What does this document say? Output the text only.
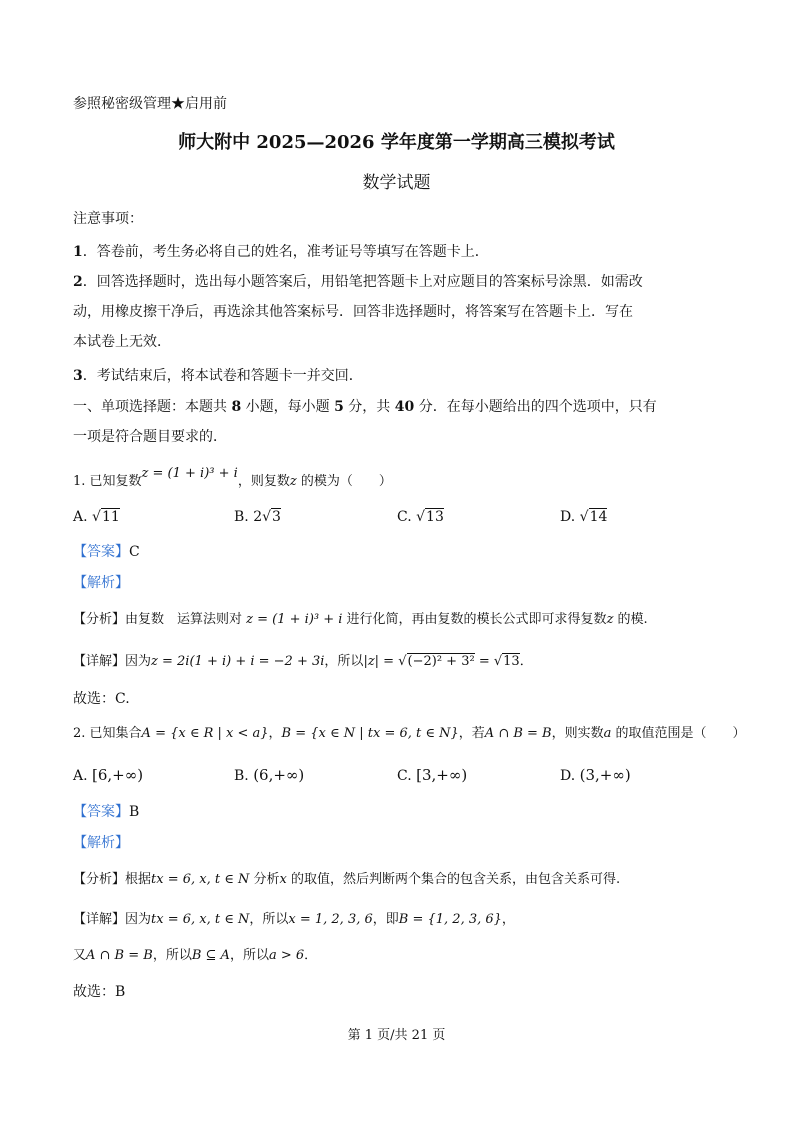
参照秘密级管理★启用前
师大附中 2025—2026 学年度第一学期高三模拟考试
数学试题
注意事项：
1．答卷前，考生务必将自己的姓名，准考证号等填写在答题卡上．
2．回答选择题时，选出每小题答案后，用铅笔把答题卡上对应题目的答案标号涂黑．如需改
动，用橡皮擦干净后，再选涂其他答案标号．回答非选择题时，将答案写在答题卡上．写在
本试卷上无效．
3．考试结束后，将本试卷和答题卡一并交回．
一、单项选择题：本题共 8 小题，每小题 5 分，共 40 分．在每小题给出的四个选项中，只有
一项是符合题目要求的．
1. 已知复数z = (1 + i)³ + i，则复数z 的模为（　　）
A. √11	B. 2√3	C. √13	D. √14
【答案】C
【解析】
【分析】由复数　运算法则对 z = (1 + i)³ + i 进行化简，再由复数的模长公式即可求得复数z 的模.
【详解】因为z = 2i(1 + i) + i = −2 + 3i，所以|z| = √(−2)² + 3² = √13．
故选：C.
2. 已知集合A = {x ∈ R | x < a}，B = {x ∈ N | tx = 6, t ∈ N}，若A ∩ B = B，则实数a 的取值范围是（　　）
A. [6,+∞)	B. (6,+∞)	C. [3,+∞)	D. (3,+∞)
【答案】B
【解析】
【分析】根据tx = 6, x, t ∈ N 分析x 的取值，然后判断两个集合的包含关系，由包含关系可得.
【详解】因为tx = 6, x, t ∈ N，所以x = 1, 2, 3, 6，即B = {1, 2, 3, 6}，
又A ∩ B = B，所以B ⊆ A，所以a > 6．
故选：B
第 1 页/共 21 页
